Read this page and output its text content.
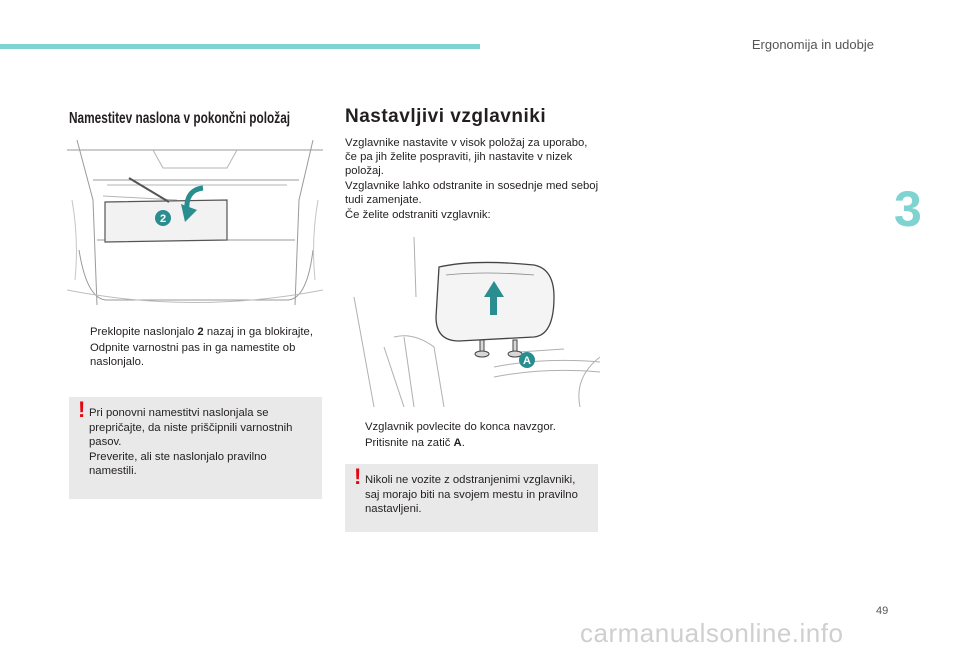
Ergonomija in udobje
3
Namestitev naslona v pokončni položaj
2
Preklopite naslonjalo 2 nazaj in ga blokirajte,
Odpnite varnostni pas in ga namestite ob naslonjalo.
! Pri ponovni namestitvi naslonjala se prepričajte, da niste priščipnili varnostnih pasov.
Preverite, ali ste naslonjalo pravilno namestili.
Nastavljivi vzglavniki
Vzglavnike nastavite v visok položaj za uporabo, če pa jih želite pospraviti, jih nastavite v nizek položaj.
Vzglavnike lahko odstranite in sosednje med seboj tudi zamenjate.
Če želite odstraniti vzglavnik:
A
Vzglavnik povlecite do konca navzgor.
Pritisnite na zatič A.
! Nikoli ne vozite z odstranjenimi vzglavniki, saj morajo biti na svojem mestu in pravilno nastavljeni.
49
carmanualsonline.info
